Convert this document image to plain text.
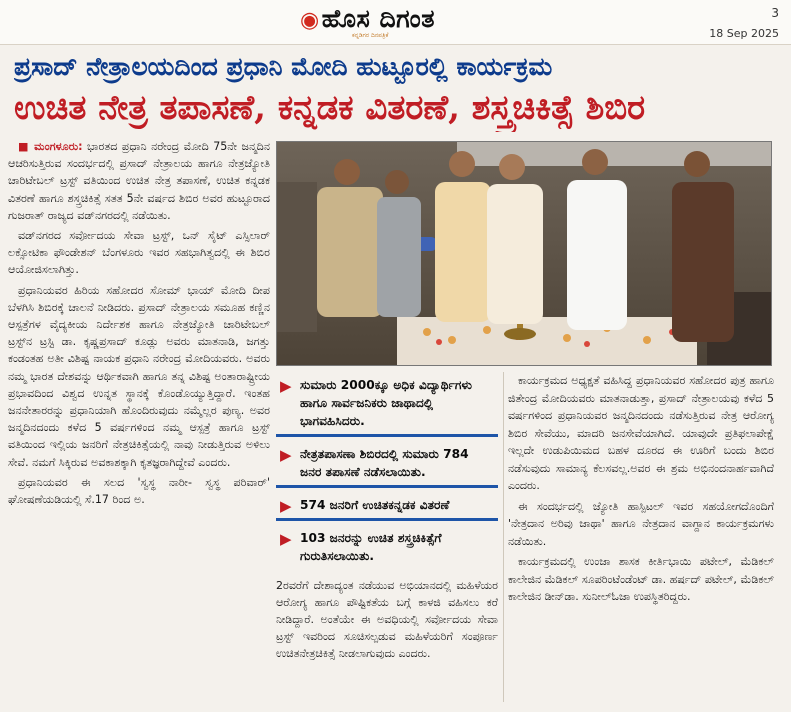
◉ಹೊಸ ದಿಗಂತ
ಕನ್ನಡಿಗರ ದಿನಪತ್ರಿಕೆ
3
18 Sep 2025
ಪ್ರಸಾದ್ ನೇತ್ರಾಲಯದಿಂದ ಪ್ರಧಾನಿ ಮೋದಿ ಹುಟ್ಟೂರಲ್ಲಿ ಕಾರ್ಯಕ್ರಮ
ಉಚಿತ ನೇತ್ರ ತಪಾಸಣೆ, ಕನ್ನಡಕ ವಿತರಣೆ, ಶಸ್ತ್ರಚಿಕಿತ್ಸೆ ಶಿಬಿರ

■ ಮಂಗಳೂರು: ಭಾರತದ ಪ್ರಧಾನಿ ನರೇಂದ್ರ ಮೋದಿ 75ನೇ ಜನ್ಮದಿನ ಆಚರಿಸುತ್ತಿರುವ ಸಂದರ್ಭದಲ್ಲಿ ಪ್ರಸಾದ್ ನೇತ್ರಾಲಯ ಹಾಗೂ ನೇತ್ರಜ್ಯೋತಿ ಚಾರಿಟೇಬಲ್ ಟ್ರಸ್ಟ್ ವತಿಯಿಂದ ಉಚಿತ ನೇತ್ರ ತಪಾಸಣೆ, ಉಚಿತ ಕನ್ನಡಕ ವಿತರಣೆ ಹಾಗೂ ಶಸ್ತ್ರಚಿಕಿತ್ಸೆ ಸತತ 5ನೇ ವರ್ಷದ ಶಿಬಿರ ಅವರ ಹುಟ್ಟೂರಾದ ಗುಜರಾತ್ ರಾಜ್ಯದ ವಡ್‌ನಗರದಲ್ಲಿ ನಡೆಯಿತು.

ವಡ್‌ನಗರದ ಸರ್ವೋದಯ ಸೇವಾ ಟ್ರಸ್ಟ್, ಒನ್ ಸೈಟ್ ಎಸ್ಸಿಲಾರ್ ಲಕ್ಸೋಟಿಕಾ ಫೌಂಡೇಶನ್ ಬೆಂಗಳೂರು ಇವರ ಸಹಭಾಗಿತ್ವದಲ್ಲಿ ಈ ಶಿಬಿರ ಆಯೋಜಿಸಲಾಗಿತ್ತು.

ಪ್ರಧಾನಿಯವರ ಹಿರಿಯ ಸಹೋದರ ಸೋಮ್ ಭಾಯ್ ಮೋದಿ ದೀಪ ಬೆಳಗಿಸಿ ಶಿಬಿರಕ್ಕೆ ಚಾಲನೆ ನೀಡಿದರು. ಪ್ರಸಾದ್ ನೇತ್ರಾಲಯ ಸಮೂಹ ಕಣ್ಣಿನ ಆಸ್ಪತ್ರೆಗಳ ವೈದ್ಯಕೀಯ ನಿರ್ದೇಶಕ ಹಾಗೂ ನೇತ್ರಜ್ಯೋತಿ ಚಾರಿಟೇಬಲ್ ಟ್ರಸ್ಟ್‌ನ ಟ್ರಸ್ಟಿ ಡಾ. ಕೃಷ್ಣಪ್ರಸಾದ್ ಕೂಡ್ಲು ಅವರು ಮಾತನಾಡಿ, ಜಗತ್ತು ಕಂಡಂತಹ ಅತೀ ವಿಶಿಷ್ಟ ನಾಯಕ ಪ್ರಧಾನಿ ನರೇಂದ್ರ ಮೋದಿಯವರು. ಅವರು ನಮ್ಮ ಭಾರತ ದೇಶವನ್ನು ಆರ್ಥಿಕವಾಗಿ ಹಾಗೂ ತನ್ನ ವಿಶಿಷ್ಟ ಅಂತಾರಾಷ್ಟ್ರೀಯ ಪ್ರಭಾವದಿಂದ ವಿಶ್ವದ ಉನ್ನತ ಸ್ಥಾನಕ್ಕೆ ಕೊಂಡೊಯ್ಯುತ್ತಿದ್ದಾರೆ. ಇಂತಹ ಜನನೇತಾರರನ್ನು ಪ್ರಧಾನಿಯಾಗಿ ಹೊಂದಿರುವುದು ನಮ್ಮೆಲ್ಲರ ಪುಣ್ಯ. ಅವರ ಜನ್ಮದಿನದಂದು ಕಳೆದ 5 ವರ್ಷಗಳಿಂದ ನಮ್ಮ ಆಸ್ಪತ್ರೆ ಹಾಗೂ ಟ್ರಸ್ಟ್ ವತಿಯಿಂದ ಇಲ್ಲಿಯ ಜನರಿಗೆ ನೇತ್ರಚಿಕಿತ್ಸೆಯಲ್ಲಿ ನಾವು ನೀಡುತ್ತಿರುವ ಅಳಿಲು ಸೇವೆ. ನಮಗೆ ಸಿಕ್ಕಿರುವ ಅವಕಾಶಕ್ಕಾಗಿ ಕೃತಜ್ಞರಾಗಿದ್ದೇವೆ ಎಂದರು.

ಪ್ರಧಾನಿಯವರ ಈ ಸಲದ 'ಸ್ವಸ್ಥ ನಾರೀ- ಸ್ವಸ್ಥ ಪರಿವಾರ್' ಘೋಷಣೆಯಡಿಯಲ್ಲಿ ಸೆ.17 ರಿಂದ ಅ.

▶ ಸುಮಾರು 2000ಕ್ಕೂ ಅಧಿಕ ವಿದ್ಯಾರ್ಥಿಗಳು ಹಾಗೂ ಸಾರ್ವಜನಿಕರು ಜಾಥಾದಲ್ಲಿ ಭಾಗವಹಿಸಿದರು.
▶ ನೇತ್ರತಪಾಸಣಾ ಶಿಬಿರದಲ್ಲಿ ಸುಮಾರು 784 ಜನರ ತಪಾಸಣೆ ನಡೆಸಲಾಯಿತು.
▶ 574 ಜನರಿಗೆ ಉಚಿತಕನ್ನಡಕ ವಿತರಣೆ
▶ 103 ಜನರನ್ನು ಉಚಿತ ಶಸ್ತ್ರಚಿಕಿತ್ಸೆಗೆ ಗುರುತಿಸಲಾಯಿತು.
2ರವರೆಗೆ ದೇಶಾದ್ಯಂತ ನಡೆಯುವ ಅಭಿಯಾನದಲ್ಲಿ ಮಹಿಳೆಯರ ಆರೋಗ್ಯ ಹಾಗೂ ಪೌಷ್ಟಿಕತೆಯ ಬಗ್ಗೆ ಕಾಳಜಿ ವಹಿಸಲು ಕರೆ ನೀಡಿದ್ದಾರೆ. ಅಂತೆಯೇ ಈ ಅವಧಿಯಲ್ಲಿ ಸರ್ವೋದಯ ಸೇವಾ ಟ್ರಸ್ಟ್ ಇವರಿಂದ ಸೂಚಿಸಲ್ಪಡುವ ಮಹಿಳೆಯರಿಗೆ ಸಂಪೂರ್ಣ ಉಚಿತನೇತ್ರಚಿಕಿತ್ಸೆ ನೀಡಲಾಗುವುದು ಎಂದರು.

ಕಾರ್ಯಕ್ರಮದ ಅಧ್ಯಕ್ಷತೆ ವಹಿಸಿದ್ದ ಪ್ರಧಾನಿಯವರ ಸಹೋದರ ಪುತ್ರ ಹಾಗೂ ಜಿತೇಂದ್ರ ಮೋದಿಯವರು ಮಾತನಾಡುತ್ತಾ, ಪ್ರಸಾದ್ ನೇತ್ರಾಲಯವು ಕಳೆದ 5 ವರ್ಷಗಳಿಂದ ಪ್ರಧಾನಿಯವರ ಜನ್ಮದಿನದಂದು ನಡೆಸುತ್ತಿರುವ ನೇತ್ರ ಆರೋಗ್ಯ ಶಿಬಿರ ಸೇವೆಯು, ಮಾದರಿ ಜನಸೇವೆಯಾಗಿದೆ. ಯಾವುದೇ ಪ್ರತಿಫಲಾಪೇಕ್ಷೆ ಇಲ್ಲದೇ ಉಡುಪಿಯಿಮದ ಬಹಳ ದೂರದ ಈ ಊರಿಗೆ ಬಂದು ಶಿಬಿರ ನಡೆಸುವುದು ಸಾಮಾನ್ಯ ಕೆಲಸವಲ್ಲ.ಅವರ ಈ ಶ್ರಮ ಅಭಿನಂದನಾರ್ಹವಾಗಿದೆ ಎಂದರು.

ಈ ಸಂದರ್ಭದಲ್ಲಿ ಜ್ಯೋತಿ ಹಾಸ್ಪಿಟಲ್ ಇವರ ಸಹಯೋಗದೊಂದಿಗೆ 'ನೇತ್ರದಾನ ಅರಿವು ಜಾಥಾ' ಹಾಗೂ ನೇತ್ರದಾನ ವಾಗ್ದಾನ ಕಾರ್ಯಕ್ರಮಗಳು ನಡೆಯಿತು.

ಕಾರ್ಯಕ್ರಮದಲ್ಲಿ ಉಂಜಾ ಶಾಸಕ ಕೀರ್ತಿಭಾಯಿ ಪಟೇಲ್, ಮೆಡಿಕಲ್ ಕಾಲೇಜಿನ ಮೆಡಿಕಲ್ ಸೂಪರಿಂಟೆಂಡೆಂಟ್ ಡಾ. ಹರ್ಷದ್ ಪಟೇಲ್, ಮೆಡಿಕಲ್ ಕಾಲೇಜಿನ ಡೀನ್‌ಡಾ. ಸುನೀಲ್‌ಓಜಾ ಉಪಸ್ಥಿತರಿದ್ದರು.
